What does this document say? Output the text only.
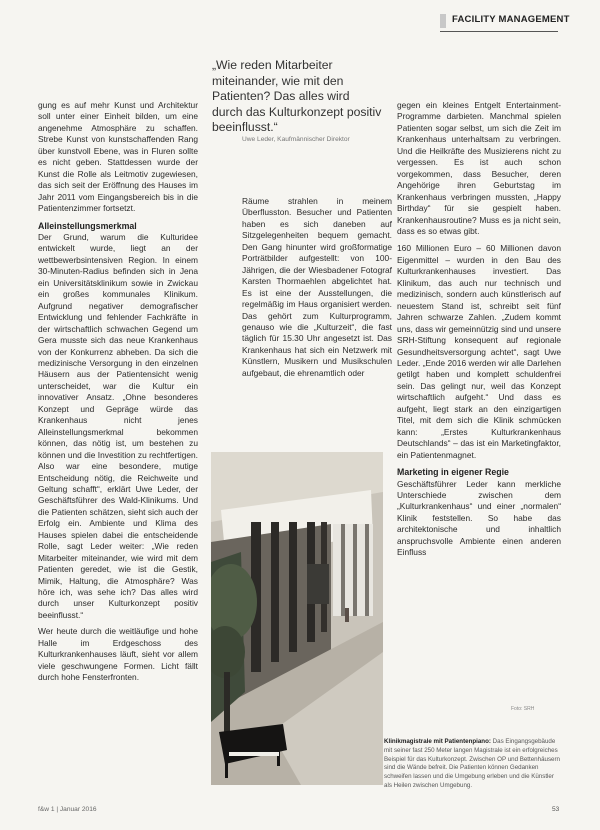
FACILITY MANAGEMENT

gung es auf mehr Kunst und Architektur soll unter einer Einheit bilden, um eine angenehme Atmosphäre zu schaffen. Strebe Kunst von kunstschaffenden Rang über kunstvoll Ebene, was in Fluren sollte es nicht geben. Stattdessen wurde der Kunst die Rolle als Leitmotiv zugewiesen, das sich seit der Eröffnung des Hauses im Jahr 2011 vom Eingangsbereich bis in die Patientenzimmer fortsetzt.

Alleinstellungsmerkmal

Der Grund, warum die Kulturidee entwickelt wurde, liegt an der wettbewerbsintensiven Region. In einem 30-Minuten-Radius befinden sich in Jena ein Universitätsklinikum sowie in Zwickau ein großes kommunales Klinikum. Aufgrund negativer demografischer Entwicklung und fehlender Fachkräfte in der wirtschaftlich schwachen Gegend um Gera musste sich das neue Krankenhaus von der Konkurrenz abheben. Da sich die medizinische Versorgung in den einzelnen Häusern aus der Patientensicht wenig unterscheidet, war die Kultur ein innovativer Ansatz. „Ohne besonderes Konzept und Gepräge würde das Krankenhaus nicht jenes Alleinstellungsmerkmal bekommen können, das nötig ist, um bestehen zu können und die Investition zu rechtfertigen. Also war eine besondere, mutige Entscheidung nötig, die Reichweite und Geltung schafft“, erklärt Uwe Leder, der Geschäftsführer des Wald-Klinikums. Und die Patienten schätzen, sieht sich auch der Erfolg ein. Ambiente und Klima des Hauses spielen dabei die entscheidende Rolle, sagt Leder weiter: „Wie reden Mitarbeiter miteinander, wie wird mit dem Patienten geredet, wie ist die Gestik, Mimik, Haltung, die Atmosphäre? Was höre ich, was sehe ich? Das alles wird durch unser Kulturkonzept positiv beeinflusst.“

Wer heute durch die weitläufige und hohe Halle im Erdgeschoss des Kulturkrankenhauses läuft, sieht vor allem viele geschwungene Formen. Licht fällt durch hohe Fensterfronten.

„Wie reden Mitarbeiter miteinander, wie mit den Patienten? Das alles wird durch das Kulturkonzept positiv beeinflusst.“
Uwe Leder, Kaufmännischer Direktor

Räume strahlen in meinem Überflusston. Besucher und Patienten haben es sich daneben auf Sitzgelegenheiten bequem gemacht. Den Gang hinunter wird großformatige Porträtbilder aufgestellt: von 100-Jährigen, die der Wiesbadener Fotograf Karsten Thormaehlen abgelichtet hat. Es ist eine der Ausstellungen, die regelmäßig im Haus organisiert werden. Das gehört zum Kulturprogramm, genauso wie die „Kulturzeit“, die fast täglich für 15.30 Uhr angesetzt ist. Das Krankenhaus hat sich ein Netzwerk mit Künstlern, Musikern und Musikschulen aufgebaut, die ehrenamtlich oder

gegen ein kleines Entgelt Entertainment-Programme darbieten. Manchmal spielen Patienten sogar selbst, um sich die Zeit im Krankenhaus unterhaltsam zu verbringen. Und die Heilkräfte des Musizierens nicht zu vergessen. Es ist auch schon vorgekommen, dass Besucher, deren Angehörige ihren Geburtstag im Krankenhaus verbringen mussten, „Happy Birthday“ für sie gespielt haben. Krankenhausroutine? Muss es ja nicht sein, dass es so etwas gibt.

160 Millionen Euro – 60 Millionen davon Eigenmittel – wurden in den Bau des Kulturkrankenhauses investiert. Das Klinikum, das auch nur technisch und medizinisch, sondern auch künstlerisch auf neuestem Stand ist, schreibt seit fünf Jahren schwarze Zahlen. „Zudem kommt uns, dass wir gemeinnützig sind und unsere SRH-Stiftung konsequent auf regionale Gesundheitsversorgung achtet“, sagt Uwe Leder. „Ende 2016 werden wir alle Darlehen getilgt haben und komplett schuldenfrei sein. Das gelingt nur, weil das Konzept wirtschaftlich aufgeht.“ Und dass es aufgeht, liegt stark an den einzigartigen Titel, mit dem sich die Klinik schmücken kann: „Erstes Kulturkrankenhaus Deutschlands“ – das ist ein Marketingfaktor, ein Patientenmagnet.

Marketing in eigener Regie

Geschäftsführer Leder kann merkliche Unterschiede zwischen dem „Kulturkrankenhaus“ und einer „normalen“ Klinik feststellen. So habe das architektonische und inhaltlich anspruchsvolle Ambiente einen anderen Einfluss

Foto: SRH
Klinikmagistrale mit Patientenpiano: Das Eingangsgebäude mit seiner fast 250 Meter langen Magistrale ist ein erfolgreiches Beispiel für das Kulturkonzept. Zwischen OP und Bettenhäusern sind die Wände befreit. Die Patienten können Gedanken schweifen lassen und die Umgebung erleben und die Künstler als Heilen zwischen Umgebung.
f&w 1 | Januar 2016	53
